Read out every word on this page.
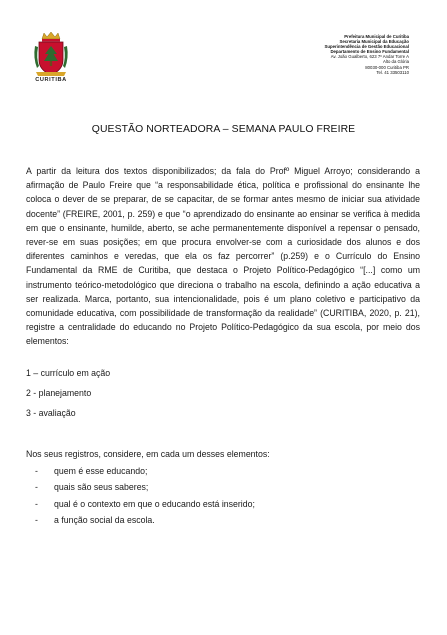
CURITIBA
Prefeitura Municipal de Curitiba
Secretaria Municipal da Educação
Superintendência de Gestão Educacional
Departamento de Ensino Fundamental
Av. João Gualberto, 623 7º Andar Torre A
Alto da Glória
80030-000 Curitiba PR
Tel. 41 33503110
QUESTÃO NORTEADORA – SEMANA PAULO FREIRE
A partir da leitura dos textos disponibilizados; da fala do Profº Miguel Arroyo; considerando a afirmação de Paulo Freire que “a responsabilidade ética, política e profissional do ensinante lhe coloca o dever de se preparar, de se capacitar, de se formar antes mesmo de iniciar sua atividade docente” (FREIRE, 2001, p. 259) e que “o aprendizado do ensinante ao ensinar se verifica à medida em que o ensinante, humilde, aberto, se ache permanentemente disponível a repensar o pensado, rever-se em suas posições; em que procura envolver-se com a curiosidade dos alunos e dos diferentes caminhos e veredas, que ela os faz percorrer” (p.259) e o Currículo do Ensino Fundamental da RME de Curitiba, que destaca o Projeto Político-Pedagógico “[...] como um instrumento teórico-metodológico que direciona o trabalho na escola, definindo a ação educativa a ser realizada. Marca, portanto, sua intencionalidade, pois é um plano coletivo e participativo da comunidade educativa, com possibilidade de transformação da realidade” (CURITIBA, 2020, p. 21), registre a centralidade do educando no Projeto Político-Pedagógico da sua escola, por meio dos elementos:
1 – currículo em ação
2 - planejamento
3 - avaliação
Nos seus registros, considere, em cada um desses elementos:
- quem é esse educando;
- quais são seus saberes;
- qual é o contexto em que o educando está inserido;
- a função social da escola.
